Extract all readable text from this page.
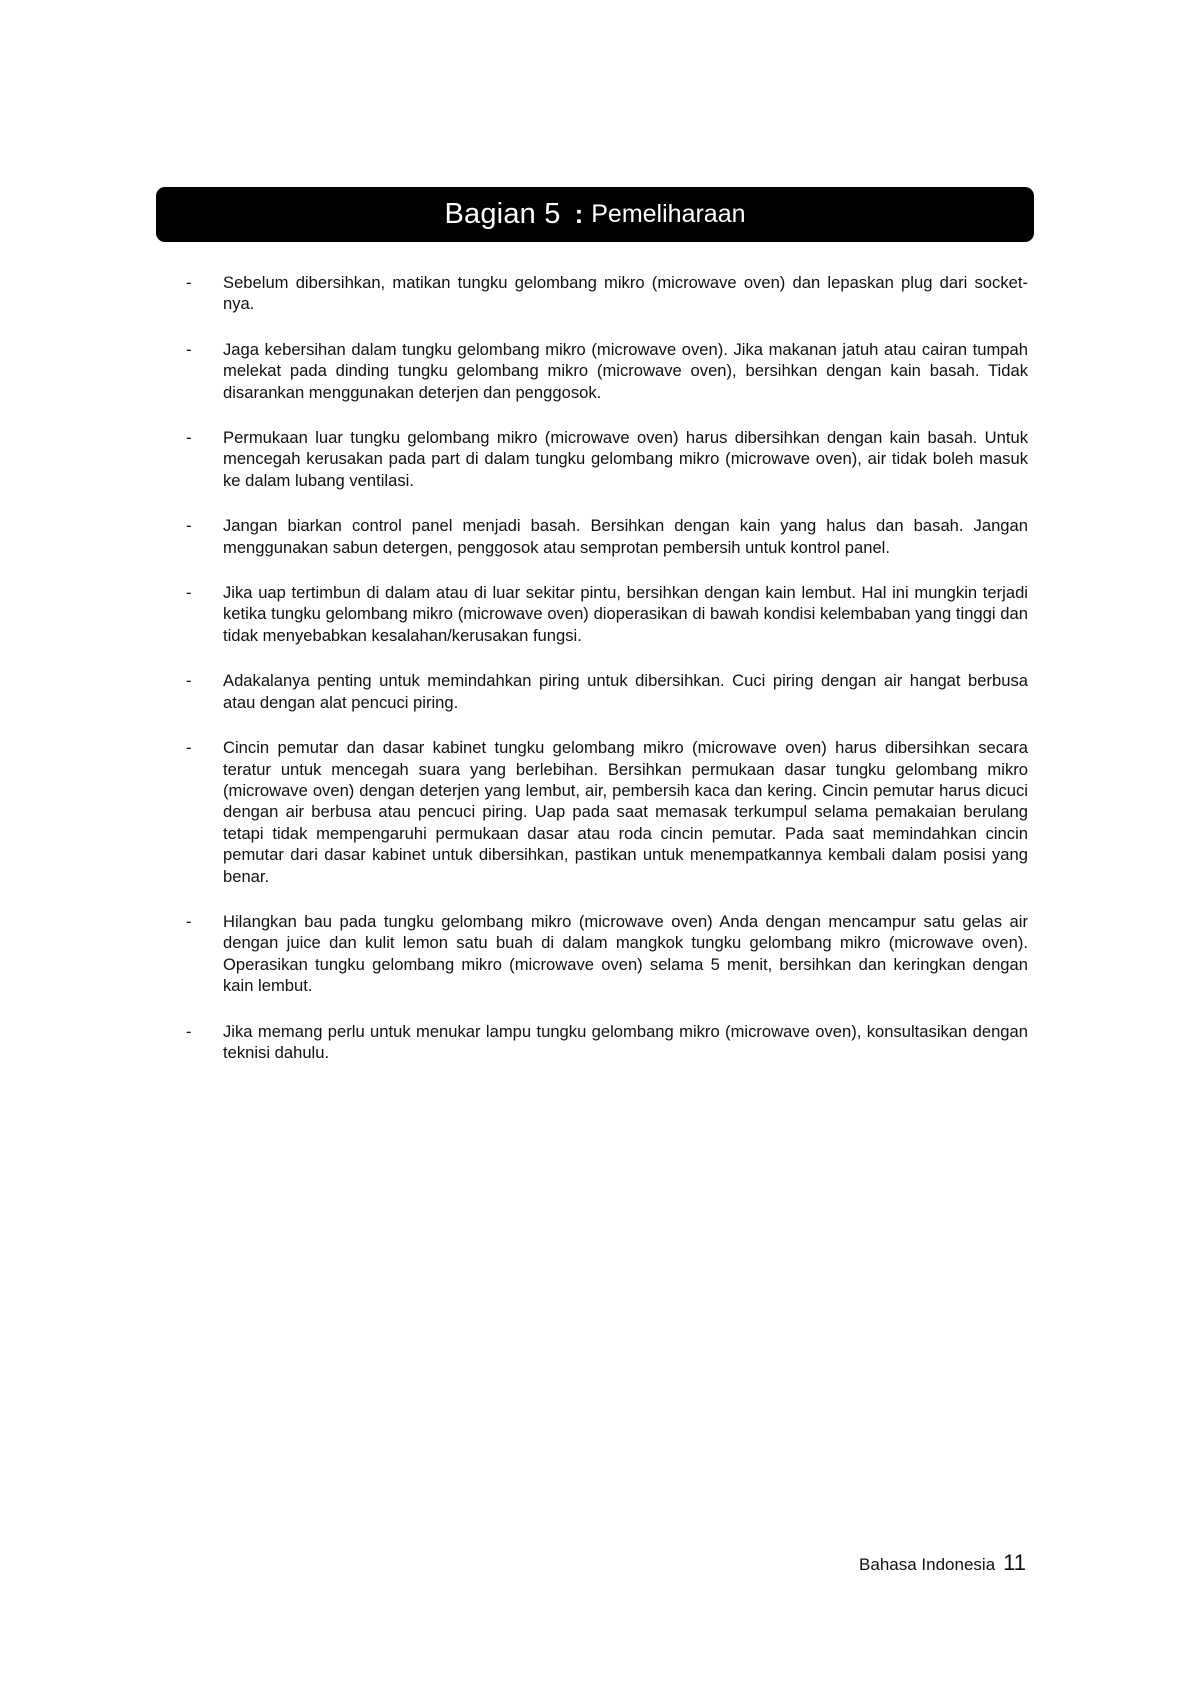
Bagian 5 : Pemeliharaan
- Sebelum dibersihkan, matikan tungku gelombang mikro (microwave oven) dan lepaskan plug dari socket-nya.
- Jaga kebersihan dalam tungku gelombang mikro (microwave oven). Jika makanan jatuh atau cairan tumpah melekat pada dinding tungku gelombang mikro (microwave oven), bersihkan dengan kain basah. Tidak disarankan menggunakan deterjen dan penggosok.
- Permukaan luar tungku gelombang mikro (microwave oven) harus dibersihkan dengan kain basah. Untuk mencegah kerusakan pada part di dalam tungku gelombang mikro (microwave oven), air tidak boleh masuk ke dalam lubang ventilasi.
- Jangan biarkan control panel menjadi basah. Bersihkan dengan kain yang halus dan basah. Jangan menggunakan sabun detergen, penggosok atau semprotan pembersih untuk kontrol panel.
- Jika uap tertimbun di dalam atau di luar sekitar pintu, bersihkan dengan kain lembut. Hal ini mungkin terjadi ketika tungku gelombang mikro (microwave oven) dioperasikan di bawah kondisi kelembaban yang tinggi dan tidak menyebabkan kesalahan/kerusakan fungsi.
- Adakalanya penting untuk memindahkan piring untuk dibersihkan. Cuci piring dengan air hangat berbusa atau dengan alat pencuci piring.
- Cincin pemutar dan dasar kabinet tungku gelombang mikro (microwave oven) harus dibersihkan secara teratur untuk mencegah suara yang berlebihan. Bersihkan permukaan dasar tungku gelombang mikro (microwave oven) dengan deterjen yang lembut, air, pembersih kaca dan kering. Cincin pemutar harus dicuci dengan air berbusa atau pencuci piring. Uap pada saat memasak terkumpul selama pemakaian berulang tetapi tidak mempengaruhi permukaan dasar atau roda cincin pemutar. Pada saat memindahkan cincin pemutar dari dasar kabinet untuk dibersihkan, pastikan untuk menempatkannya kembali dalam posisi yang benar.
- Hilangkan bau pada tungku gelombang mikro (microwave oven) Anda dengan mencampur satu gelas air dengan juice dan kulit lemon satu buah di dalam mangkok tungku gelombang mikro (microwave oven). Operasikan tungku gelombang mikro (microwave oven) selama 5 menit, bersihkan dan keringkan dengan kain lembut.
- Jika memang perlu untuk menukar lampu tungku gelombang mikro (microwave oven), konsultasikan dengan teknisi dahulu.
Bahasa Indonesia 11
